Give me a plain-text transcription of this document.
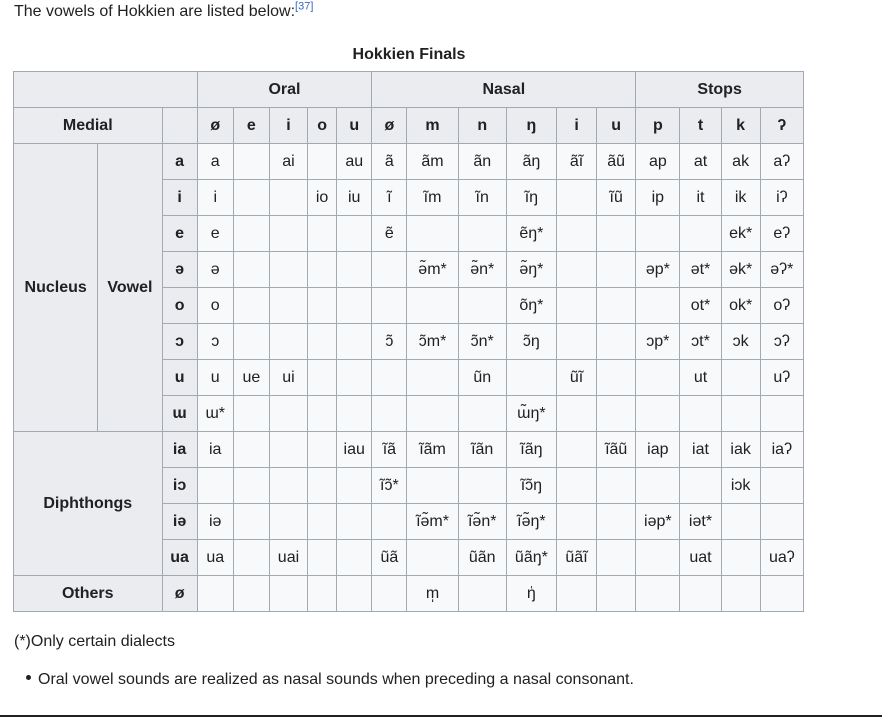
The vowels of Hokkien are listed below:[37]
Hokkien Finals
			Oral					Nasal						Stops			
Medial			ø	e	i	o	u	ø	m	n	ŋ	i	u	p	t	k	ʔ
Nucleus	Vowel	a	a		ai		au	ã	ãm	ãn	ãŋ	ãĩ	ãũ	ap	at	ak	aʔ
		i	i			io	iu	ĩ	ĩm	ĩn	ĩŋ		ĩũ	ip	it	ik	iʔ
		e	e					ẽ			ẽŋ*					ek*	eʔ
		ə	ə						ə̃m*	ə̃n*	ə̃ŋ*			əp*	ət*	ək*	əʔ*
		o	o								õŋ*				ot*	ok*	oʔ
		ɔ	ɔ					ɔ̃	ɔ̃m*	ɔ̃n*	ɔ̃ŋ			ɔp*	ɔt*	ɔk	ɔʔ
		u	u	ue	ui					ũn		ũĩ			ut		uʔ
		ɯ	ɯ*								ɯ̃ŋ*						
Diphthongs		ia	ia				iau	ĩã	ĩãm	ĩãn	ĩãŋ		ĩãũ	iap	iat	iak	iaʔ
		iɔ						ĩɔ̃*			ĩɔ̃ŋ					iɔk	
		iə	iə						ĩə̃m*	ĩə̃n*	ĩə̃ŋ*			iəp*	iət*		
		ua	ua		uai			ũã		ũãn	ũãŋ*	ũãĩ			uat		uaʔ
Others		ø							m̩		ŋ̍						
(*)Only certain dialects
Oral vowel sounds are realized as nasal sounds when preceding a nasal consonant.
